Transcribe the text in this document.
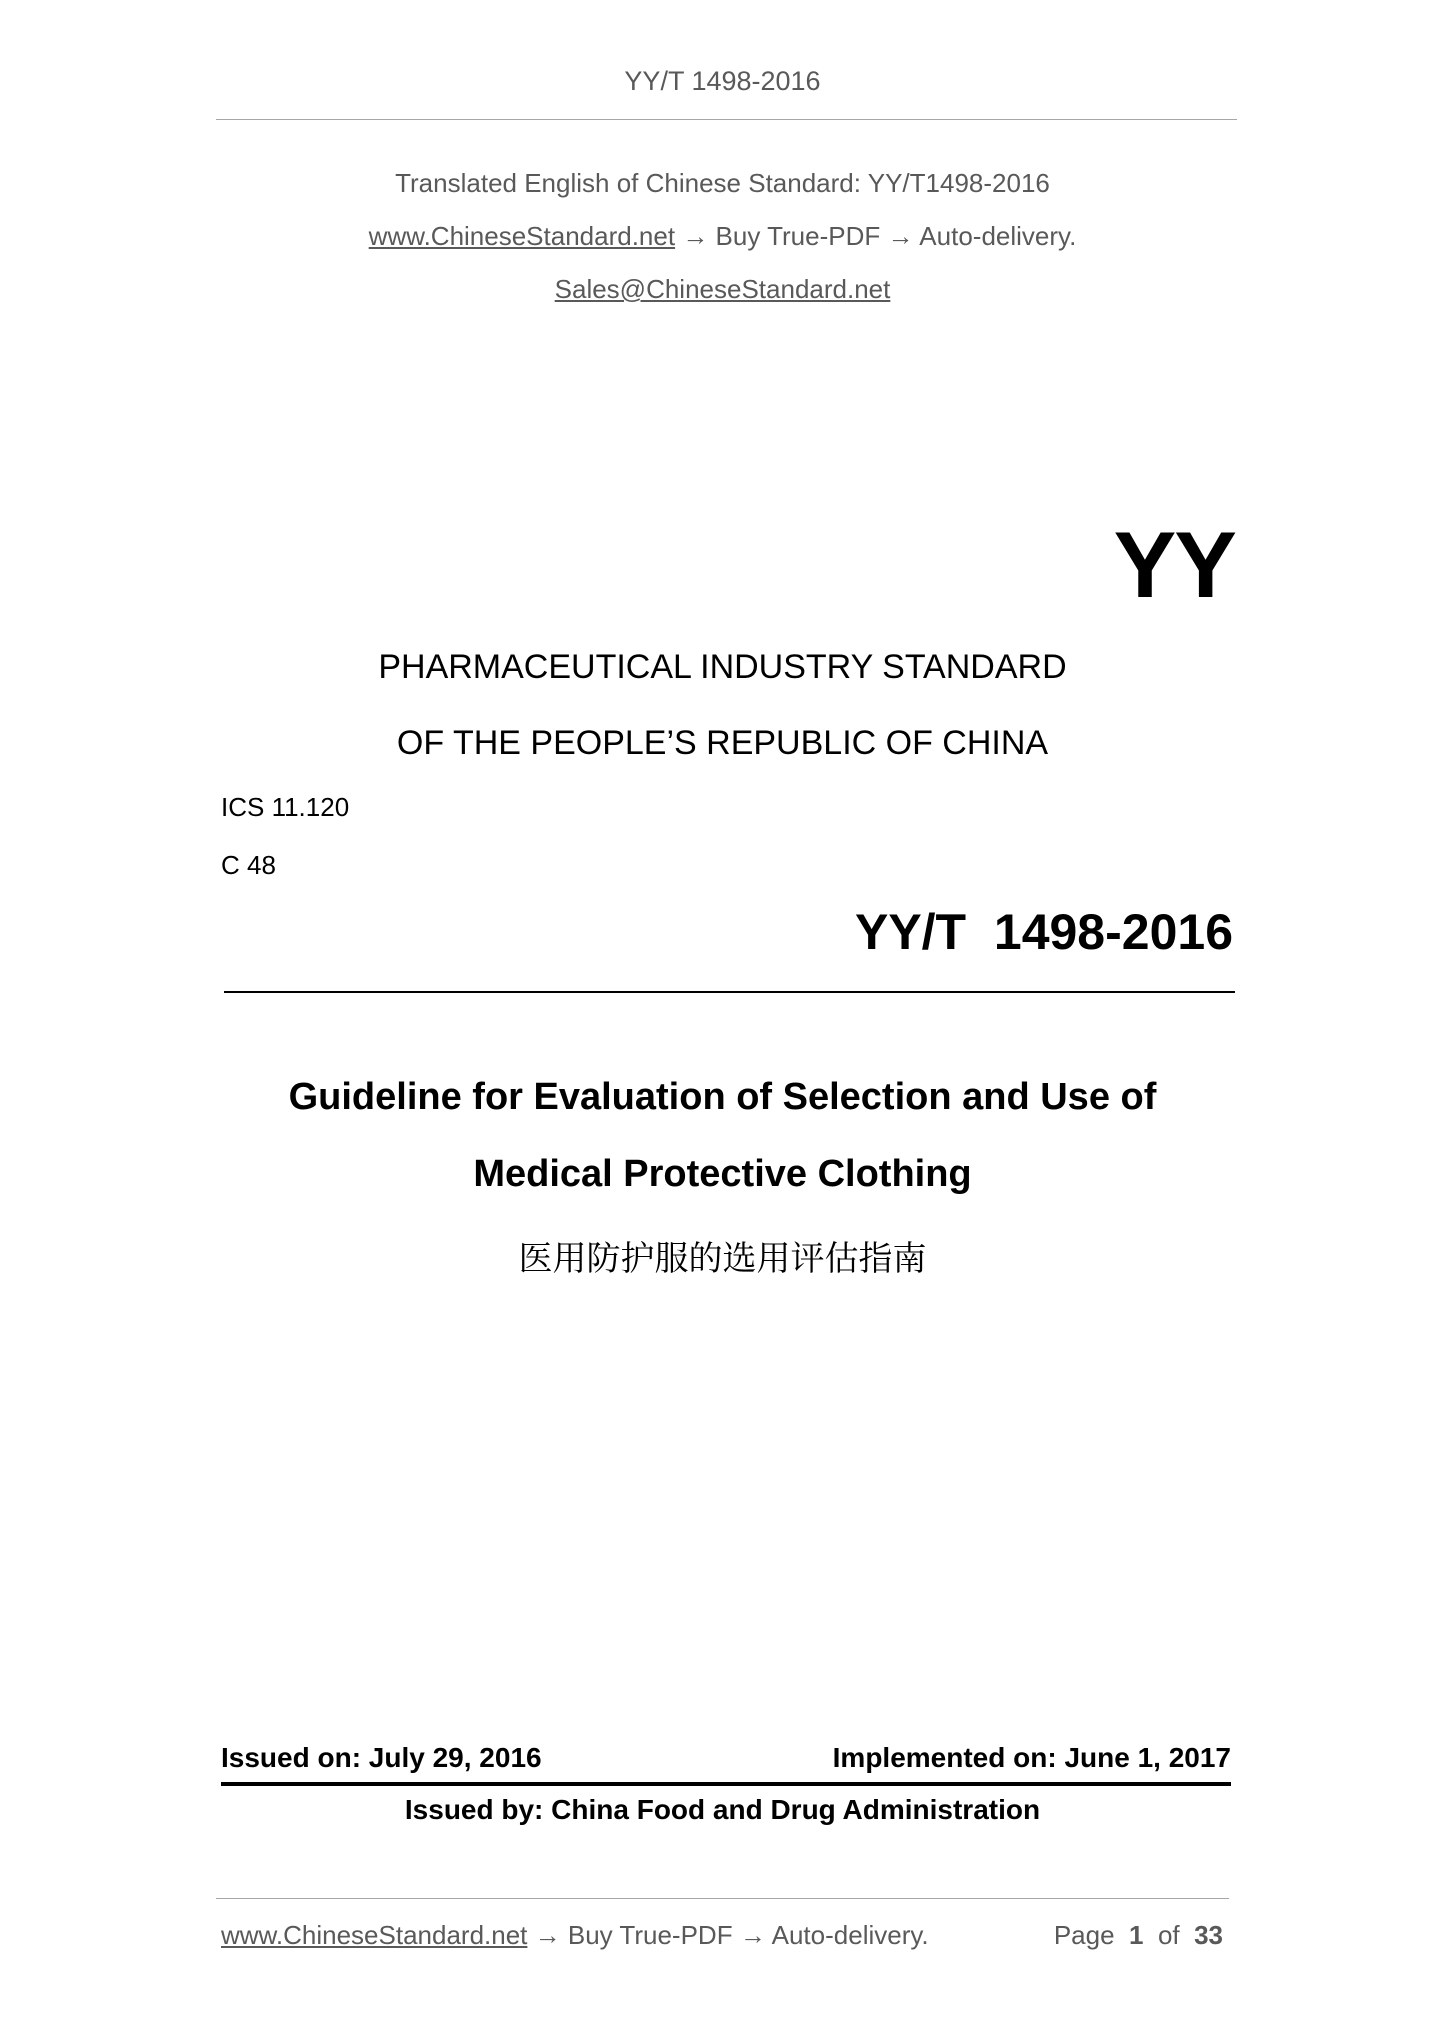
YY/T 1498-2016
Translated English of Chinese Standard: YY/T1498-2016
www.ChineseStandard.net → Buy True-PDF → Auto-delivery.
Sales@ChineseStandard.net
YY
PHARMACEUTICAL INDUSTRY STANDARD
OF THE PEOPLE’S REPUBLIC OF CHINA
ICS 11.120
C 48
YY/T  1498-2016
Guideline for Evaluation of Selection and Use of
Medical Protective Clothing
医用防护服的选用评估指南
Issued on: July 29, 2016	Implemented on: June 1, 2017
Issued by: China Food and Drug Administration
www.ChineseStandard.net → Buy True-PDF → Auto-delivery.	Page 1 of 33
